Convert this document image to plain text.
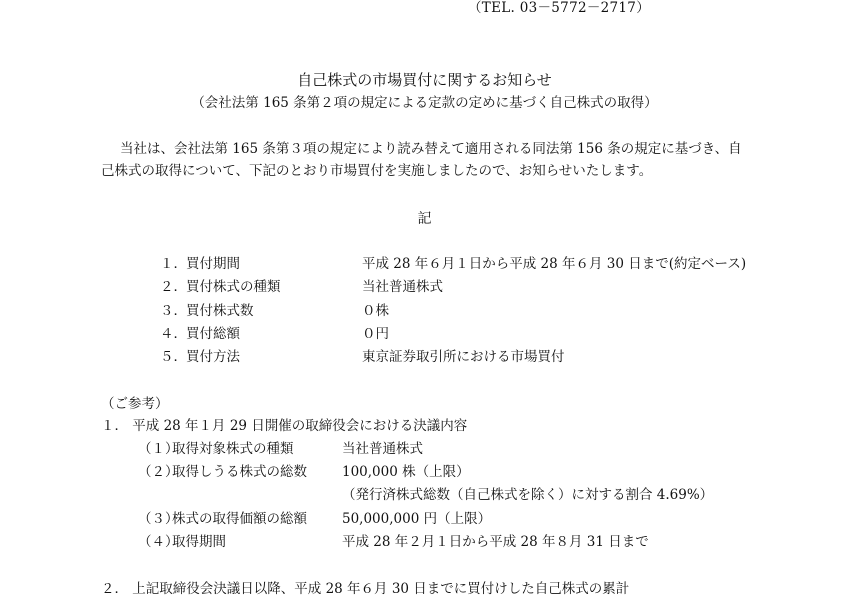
（TEL. 03－5772－2717）
自己株式の市場買付に関するお知らせ
（会社法第 165 条第２項の規定による定款の定めに基づく自己株式の取得）
当社は、会社法第 165 条第３項の規定により読み替えて適用される同法第 156 条の規定に基づき、自
己株式の取得について、下記のとおり市場買付を実施しましたので、お知らせいたします。
記
１． 買付期間	平成 28 年６月１日から平成 28 年６月 30 日まで(約定ベース)
２． 買付株式の種類	当社普通株式
３． 買付株式数	０株
４． 買付総額	０円
５． 買付方法	東京証券取引所における市場買付
（ご参考）
１． 平成 28 年１月 29 日開催の取締役会における決議内容
（１）
取得対象株式の種類	当社普通株式
（２）
取得しうる株式の総数	100,000 株（上限）
（発行済株式総数（自己株式を除く）に対する割合 4.69%）
（３）
株式の取得価額の総額	50,000,000 円（上限）
（４）
取得期間	平成 28 年２月１日から平成 28 年８月 31 日まで
２． 上記取締役会決議日以降、平成 28 年６月 30 日までに買付けした自己株式の累計
